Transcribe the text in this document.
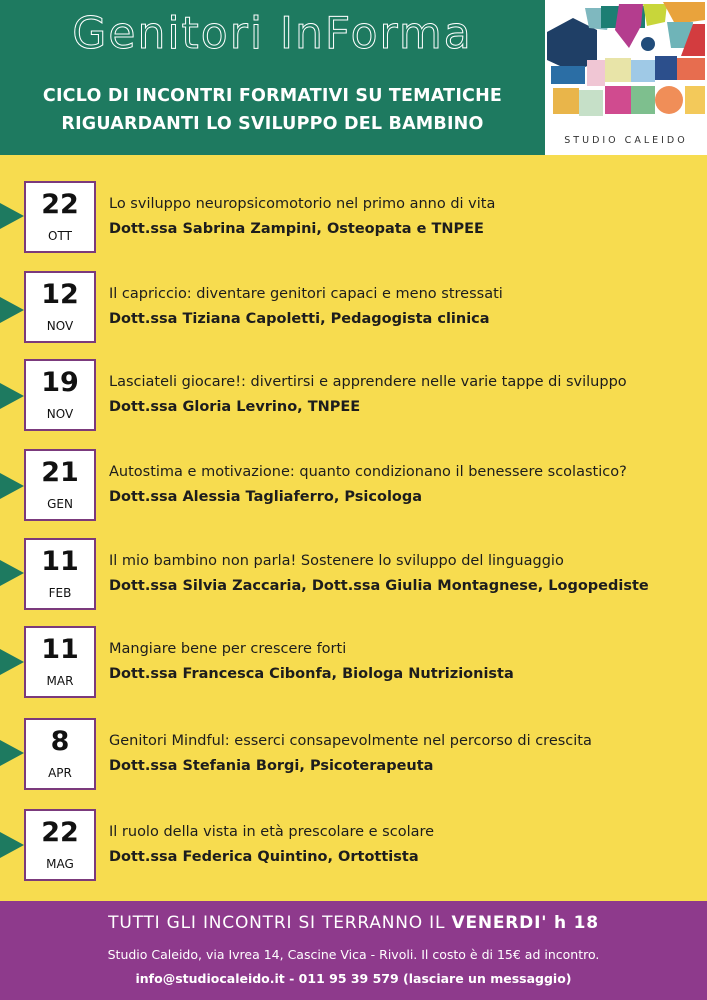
Genitori InForma
CICLO DI INCONTRI FORMATIVI SU TEMATICHE
RIGUARDANTI LO SVILUPPO DEL BAMBINO
STUDIO CALEIDO
22
OTT
Lo sviluppo neuropsicomotorio nel primo anno di vita
Dott.ssa Sabrina Zampini, Osteopata e TNPEE
12
NOV
Il capriccio: diventare genitori capaci e meno stressati
Dott.ssa Tiziana Capoletti, Pedagogista clinica
19
NOV
Lasciateli giocare!: divertirsi e apprendere nelle varie tappe di sviluppo
Dott.ssa Gloria Levrino, TNPEE
21
GEN
Autostima e motivazione: quanto condizionano il benessere scolastico?
Dott.ssa Alessia Tagliaferro, Psicologa
11
FEB
Il mio bambino non parla! Sostenere lo sviluppo del linguaggio
Dott.ssa Silvia Zaccaria, Dott.ssa Giulia Montagnese, Logopediste
11
MAR
Mangiare bene per crescere forti
Dott.ssa Francesca Cibonfa, Biologa Nutrizionista
8
APR
Genitori Mindful: esserci consapevolmente nel percorso di crescita
Dott.ssa Stefania Borgi, Psicoterapeuta
22
MAG
Il ruolo della vista in età prescolare e scolare
Dott.ssa Federica Quintino, Ortottista
TUTTI GLI INCONTRI SI TERRANNO IL VENERDI' h 18
Studio Caleido, via Ivrea 14, Cascine Vica - Rivoli. Il costo è di 15€ ad incontro.
info@studiocaleido.it - 011 95 39 579 (lasciare un messaggio)
